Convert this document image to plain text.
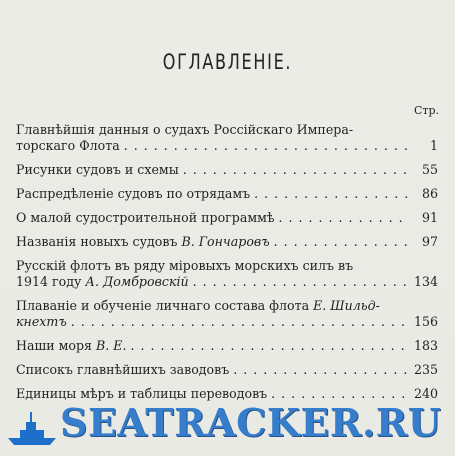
ОГЛАВЛЕНІЕ.
Стр.
Главнѣйшія данныя о судахъ Россійскаго Импера-
торскаго Флота . . .	1
Рисунки судовъ и схемы . . .	55
Распредѣленіе судовъ по отрядамъ . . .	86
О малой судостроительной программѣ . . .	91
Названія новыхъ судовъ
В. Гончаровъ . . .	97
Русскій флотъ въ ряду міровыхъ морскихъ силъ въ
1914 году
А. Домбровскій . . .	134
Плаваніе и обученіе личнаго состава флота
Е. Шильд-
кнехтъ . . .	156
Наши моря
В. Е. . . .	183
Списокъ главнѣйшихъ заводовъ . . .	235
Единицы мѣръ и таблицы переводовъ . . .	240
SEATRACKER.RU
